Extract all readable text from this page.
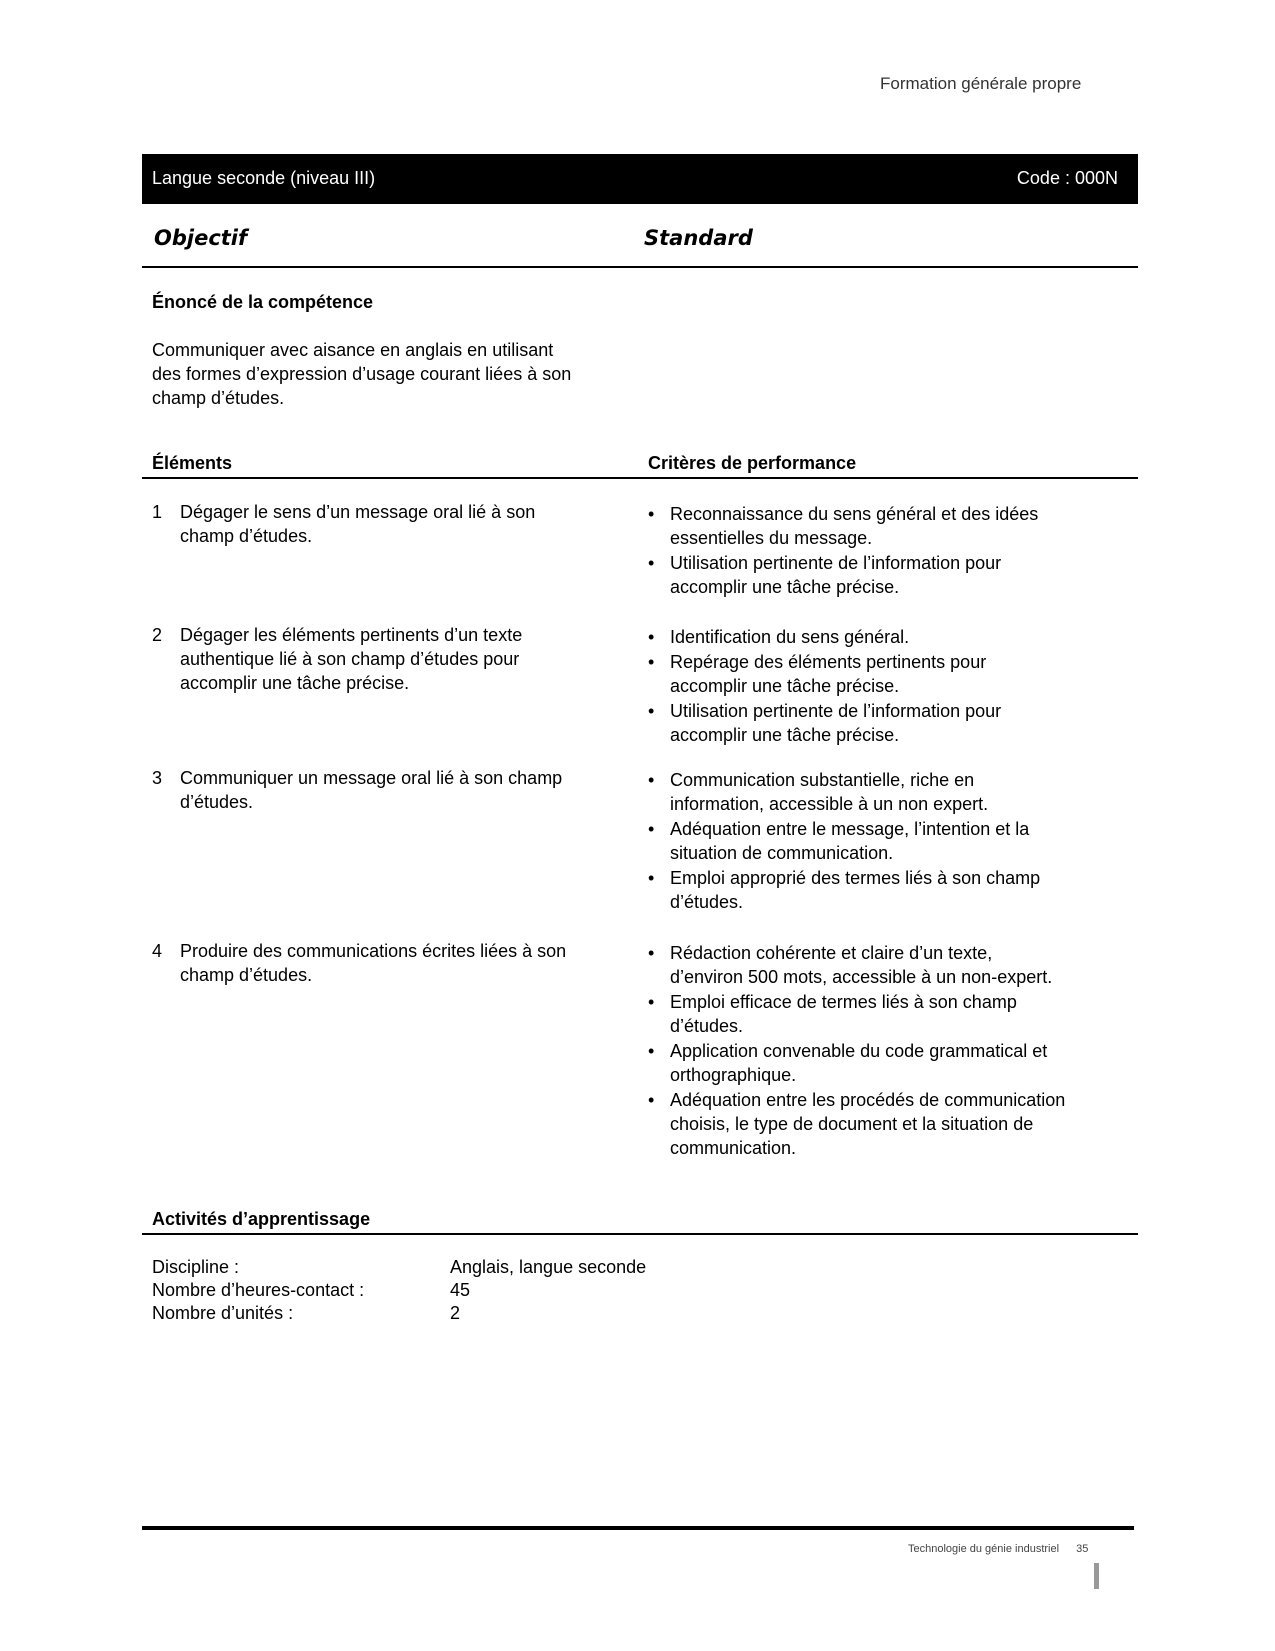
Formation générale propre
Langue seconde (niveau III)	Code : 000N
Objectif	Standard
Énoncé de la compétence
Communiquer avec aisance en anglais en utilisant
des formes d’expression d’usage courant liées à son
champ d’études.
Éléments	Critères de performance
1 Dégager le sens d’un message oral lié à son
champ d’études.
• Reconnaissance du sens général et des idées
essentielles du message.
• Utilisation pertinente de l’information pour
accomplir une tâche précise.
2 Dégager les éléments pertinents d’un texte
authentique lié à son champ d’études pour
accomplir une tâche précise.
• Identification du sens général.
• Repérage des éléments pertinents pour
accomplir une tâche précise.
• Utilisation pertinente de l’information pour
accomplir une tâche précise.
3 Communiquer un message oral lié à son champ
d’études.
• Communication substantielle, riche en
information, accessible à un non expert.
• Adéquation entre le message, l’intention et la
situation de communication.
• Emploi approprié des termes liés à son champ
d’études.
4 Produire des communications écrites liées à son
champ d’études.
• Rédaction cohérente et claire d’un texte,
d’environ 500 mots, accessible à un non-expert.
• Emploi efficace de termes liés à son champ
d’études.
• Application convenable du code grammatical et
orthographique.
• Adéquation entre les procédés de communication
choisis, le type de document et la situation de
communication.
Activités d’apprentissage
Discipline :	Anglais, langue seconde
Nombre d’heures-contact :	45
Nombre d’unités :	2
Technologie du génie industriel 35
